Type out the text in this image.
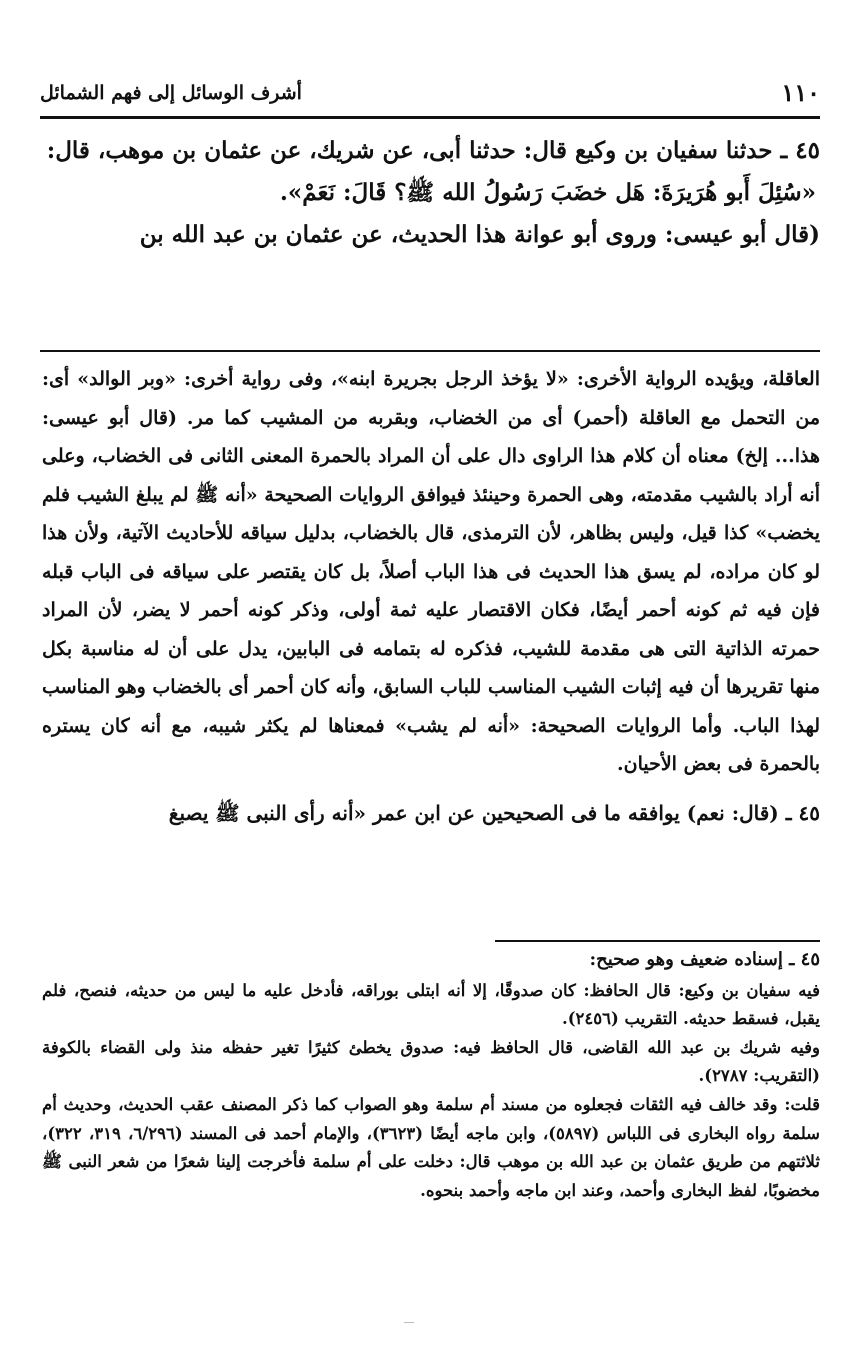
١١٠
أشرف الوسائل إلى فهم الشمائل

٤٥ ـ حدثنا سفيان بن وكيع قال: حدثنا أبى، عن شريك، عن عثمان بن موهب، قال:

«سُئِلَ أَبو هُرَيرَةَ: هَل خضَبَ رَسُولُ الله ﷺ؟ قَالَ: نَعَمْ».

(قال أبو عيسى: وروى أبو عوانة هذا الحديث، عن عثمان بن عبد الله بن

العاقلة، ويؤيده الرواية الأخرى: «لا يؤخذ الرجل بجريرة ابنه»، وفى رواية أخرى: «وبر الوالد» أى: من التحمل مع العاقلة (أحمر) أى من الخضاب، وبقربه من المشيب كما مر. (قال أبو عيسى: هذا... إلخ) معناه أن كلام هذا الراوى دال على أن المراد بالحمرة المعنى الثانى فى الخضاب، وعلى أنه أراد بالشيب مقدمته، وهى الحمرة وحينئذ فيوافق الروايات الصحيحة «أنه ﷺ لم يبلغ الشيب فلم يخضب» كذا قيل، وليس بظاهر، لأن الترمذى، قال بالخضاب، بدليل سياقه للأحاديث الآتية، ولأن هذا لو كان مراده، لم يسق هذا الحديث فى هذا الباب أصلاً، بل كان يقتصر على سياقه فى الباب قبله فإن فيه ثم كونه أحمر أيضًا، فكان الاقتصار عليه ثمة أولى، وذكر كونه أحمر لا يضر، لأن المراد حمرته الذاتية التى هى مقدمة للشيب، فذكره له بتمامه فى البابين، يدل على أن له مناسبة بكل منها تقريرها أن فيه إثبات الشيب المناسب للباب السابق، وأنه كان أحمر أى بالخضاب وهو المناسب لهذا الباب. وأما الروايات الصحيحة: «أنه لم يشب» فمعناها لم يكثر شيبه، مع أنه كان يستره بالحمرة فى بعض الأحيان.

٤٥ ـ (قال: نعم) يوافقه ما فى الصحيحين عن ابن عمر «أنه رأى النبى ﷺ يصبغ

٤٥ ـ إسناده ضعيف وهو صحيح:

فيه سفيان بن وكيع: قال الحافظ: كان صدوقًا، إلا أنه ابتلى بوراقه، فأدخل عليه ما ليس من حديثه، فنصح، فلم يقبل، فسقط حديثه. التقريب (٢٤٥٦).

وفيه شريك بن عبد الله القاضى، قال الحافظ فيه: صدوق يخطئ كثيرًا تغير حفظه منذ ولى القضاء بالكوفة (التقريب: ٢٧٨٧).

قلت: وقد خالف فيه الثقات فجعلوه من مسند أم سلمة وهو الصواب كما ذكر المصنف عقب الحديث، وحديث أم سلمة رواه البخارى فى اللباس (٥٨٩٧)، وابن ماجه أيضًا (٣٦٢٣)، والإمام أحمد فى المسند (٦/٢٩٦، ٣١٩، ٣٢٢)، ثلاثتهم من طريق عثمان بن عبد الله بن موهب قال: دخلت على أم سلمة فأخرجت إلينا شعرًا من شعر النبى ﷺ مخضوبًا، لفظ البخارى وأحمد، وعند ابن ماجه وأحمد بنحوه.
